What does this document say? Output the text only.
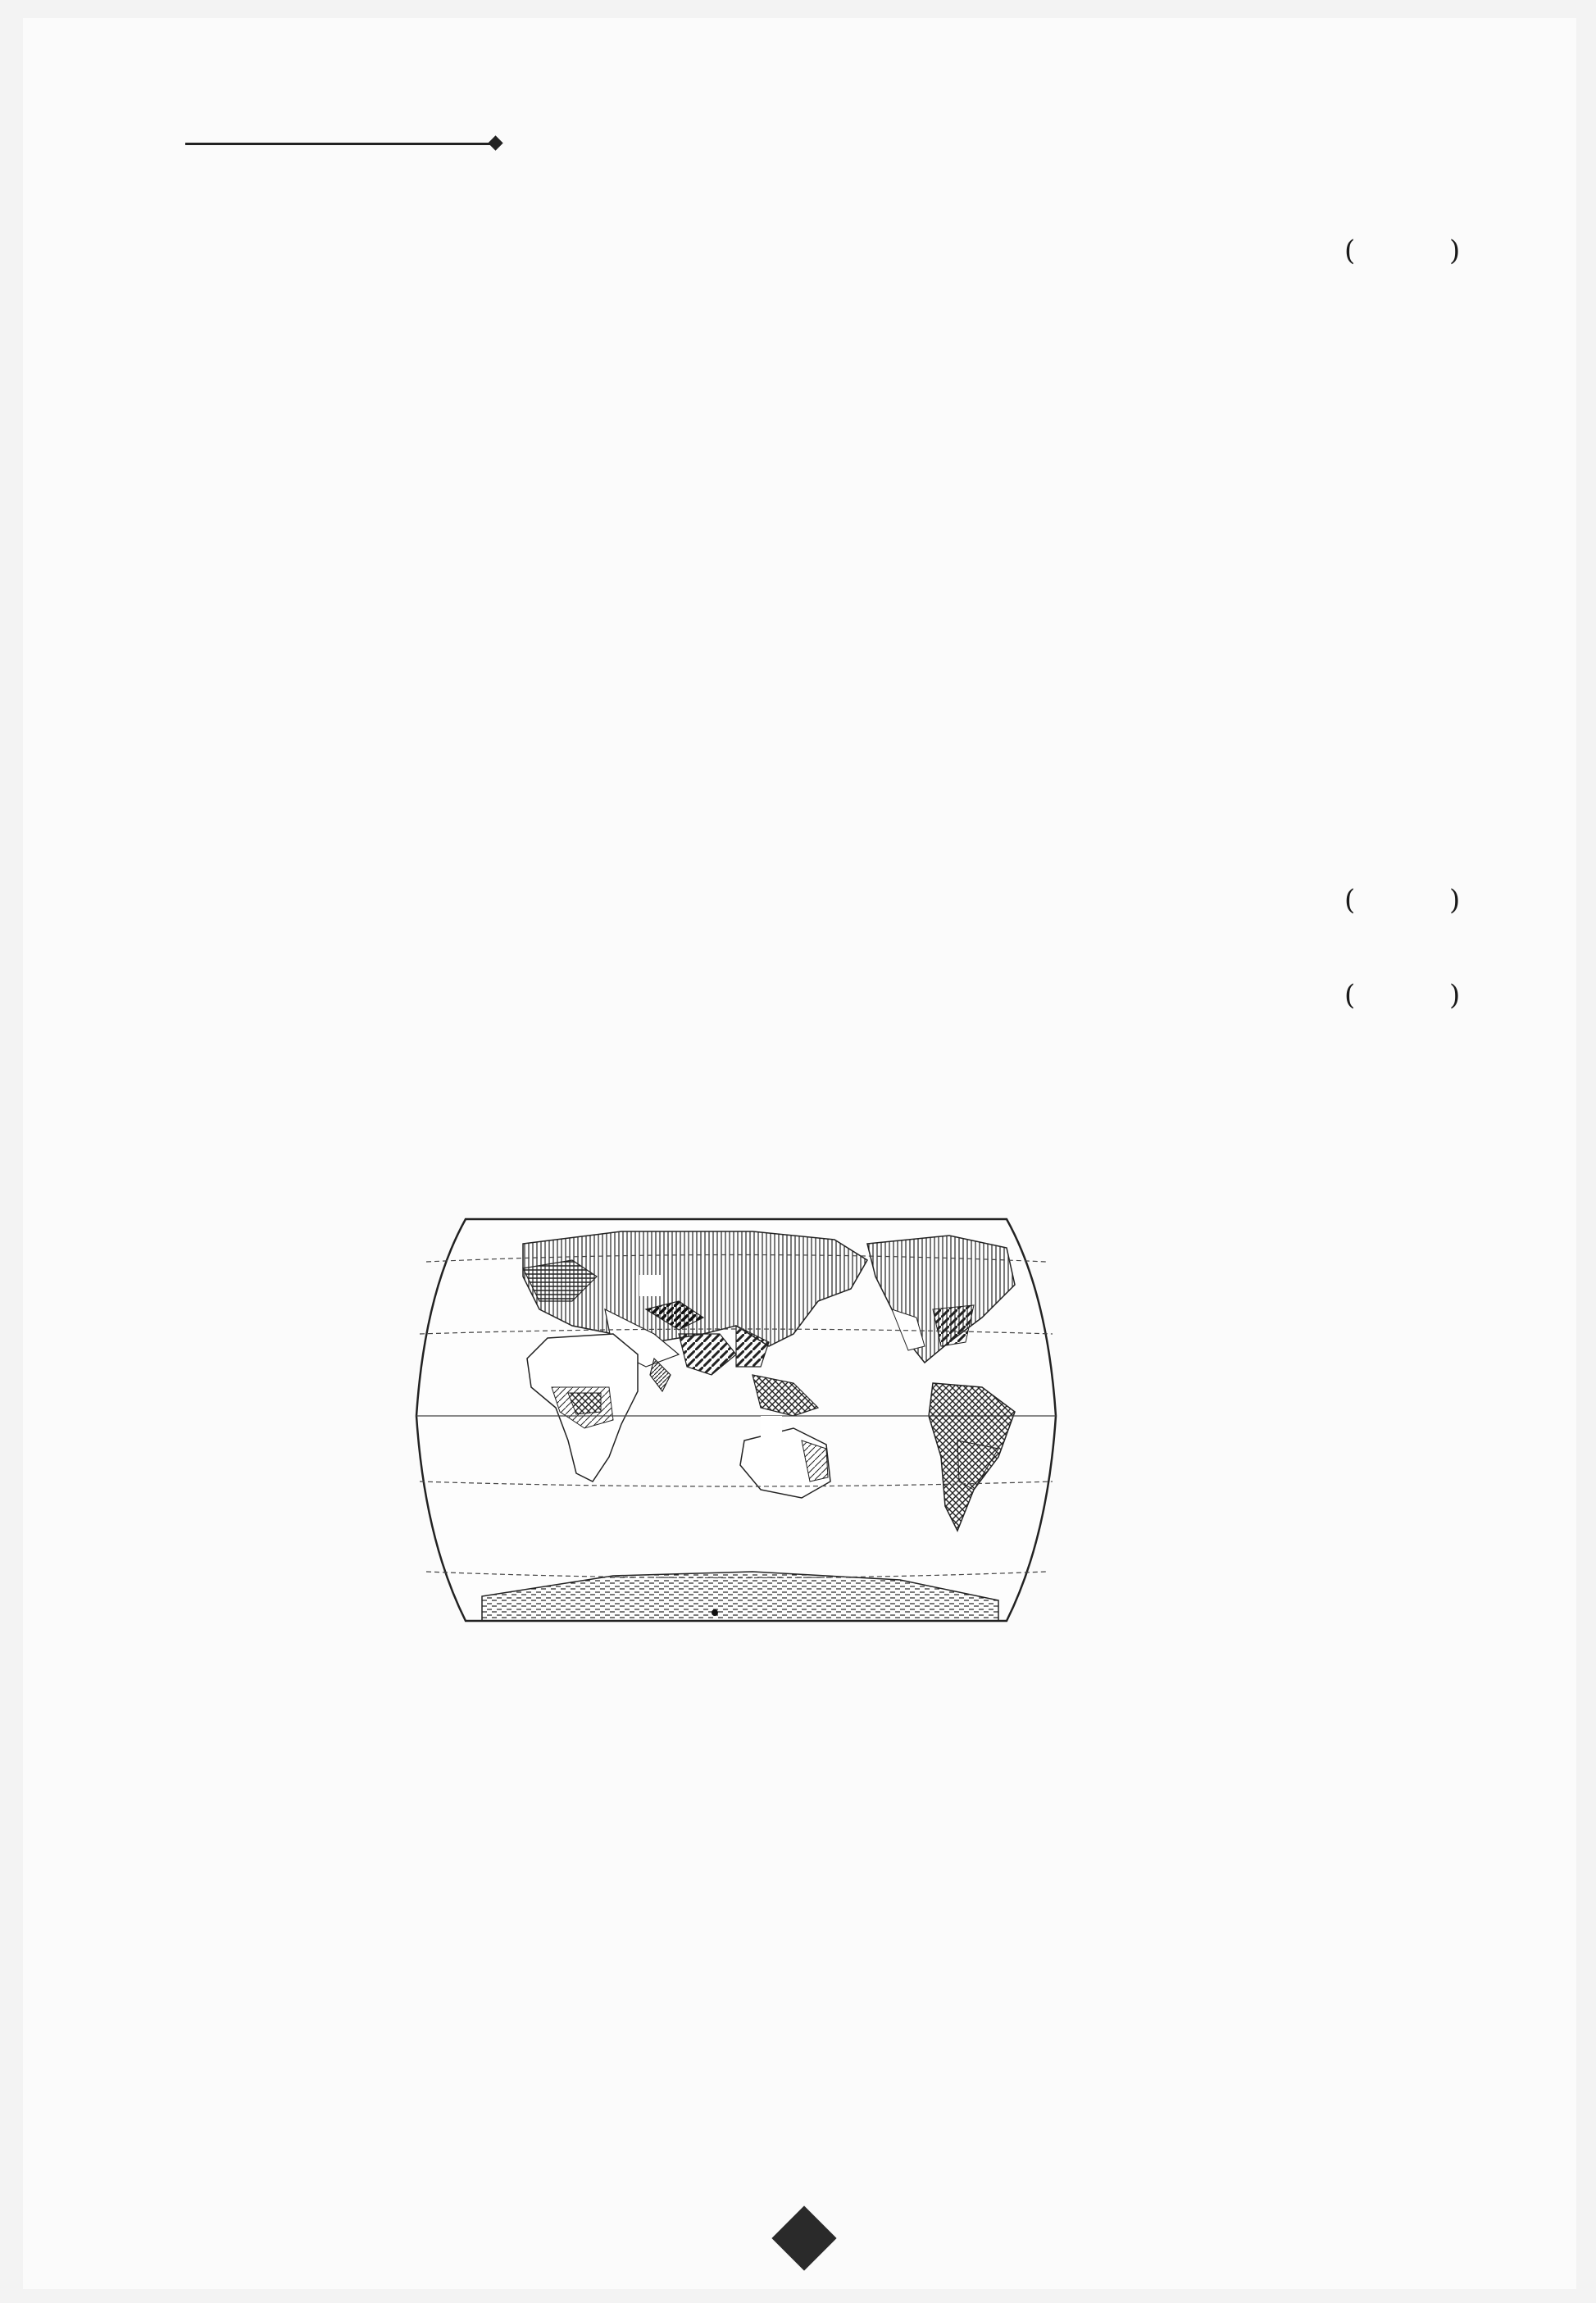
(	)
(	)
(	)
